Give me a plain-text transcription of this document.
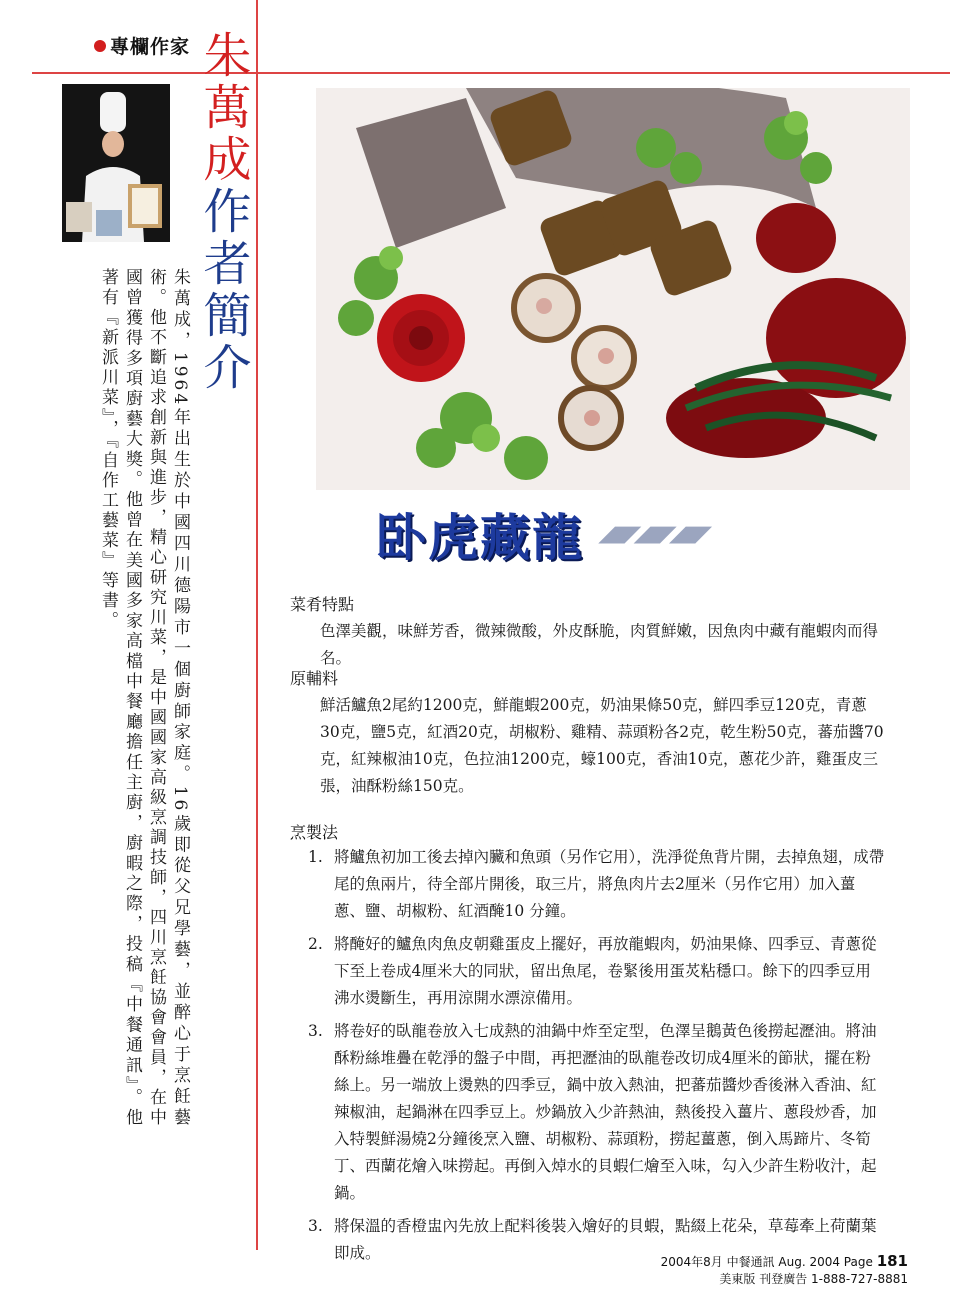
專欄作家 朱萬成作者簡介

朱萬成，1964年出生於中國四川德陽市一個廚師家庭。16歲即從父兄學藝，並醉心于烹飪藝術。他不斷追求創新與進步，精心研究川菜，是中國國家高級烹調技師，四川烹飪協會會員，在中國曾獲得多項廚藝大獎。他曾在美國多家高檔中餐廳擔任主廚，廚暇之際，投稿『中餐通訊』。他著有『新派川菜』，『自作工藝菜』等書。	▰▰▰
卧虎藏龍
菜肴特點

色澤美觀，味鮮芳香，微辣微酸，外皮酥脆，肉質鮮嫩，因魚肉中藏有龍蝦肉而得名。

原輔料

鮮活鱸魚2尾約1200克，鮮龍蝦200克，奶油果條50克，鮮四季豆120克，青蔥30克，鹽5克，紅酒20克，胡椒粉、雞精、蒜頭粉各2克，乾生粉50克，蕃茄醬70克，紅辣椒油10克，色拉油1200克，蠔100克，香油10克，蔥花少許，雞蛋皮三張，油酥粉絲150克。

烹製法
1. 將鱸魚初加工後去掉內臟和魚頭（另作它用），洗淨從魚背片開，去掉魚翅，成帶尾的魚兩片，待全部片開後，取三片，將魚肉片去2厘米（另作它用）加入薑蔥、鹽、胡椒粉、紅酒醃10 分鐘。
2. 將醃好的鱸魚肉魚皮朝雞蛋皮上擺好，再放龍蝦肉，奶油果條、四季豆、青蔥從下至上卷成4厘米大的同狀，留出魚尾，卷緊後用蛋炗粘穩口。餘下的四季豆用沸水燙斷生，再用涼開水漂涼備用。
3. 將卷好的臥龍卷放入七成熱的油鍋中炸至定型，色澤呈鵝黃色後撈起瀝油。將油酥粉絲堆疊在乾淨的盤子中間，再把瀝油的臥龍卷改切成4厘米的節狀，擺在粉絲上。另一端放上燙熟的四季豆，鍋中放入熱油，把蕃茄醬炒香後淋入香油、紅辣椒油，起鍋淋在四季豆上。炒鍋放入少許熱油，熱後投入薑片、蔥段炒香，加入特製鮮湯燒2分鐘後烹入鹽、胡椒粉、蒜頭粉，撈起薑蔥，倒入馬蹄片、冬筍丁、西蘭花燴入味撈起。再倒入焯水的貝蝦仁燴至入味，勾入少許生粉收汁，起鍋。
3. 將保溫的香橙盅內先放上配料後裝入燴好的貝蝦，點綴上花朵，草莓牽上荷蘭葉即成。	2004年8月 中餐通訊 Aug. 2004 Page 181
美東版 刊登廣告 1-888-727-8881
